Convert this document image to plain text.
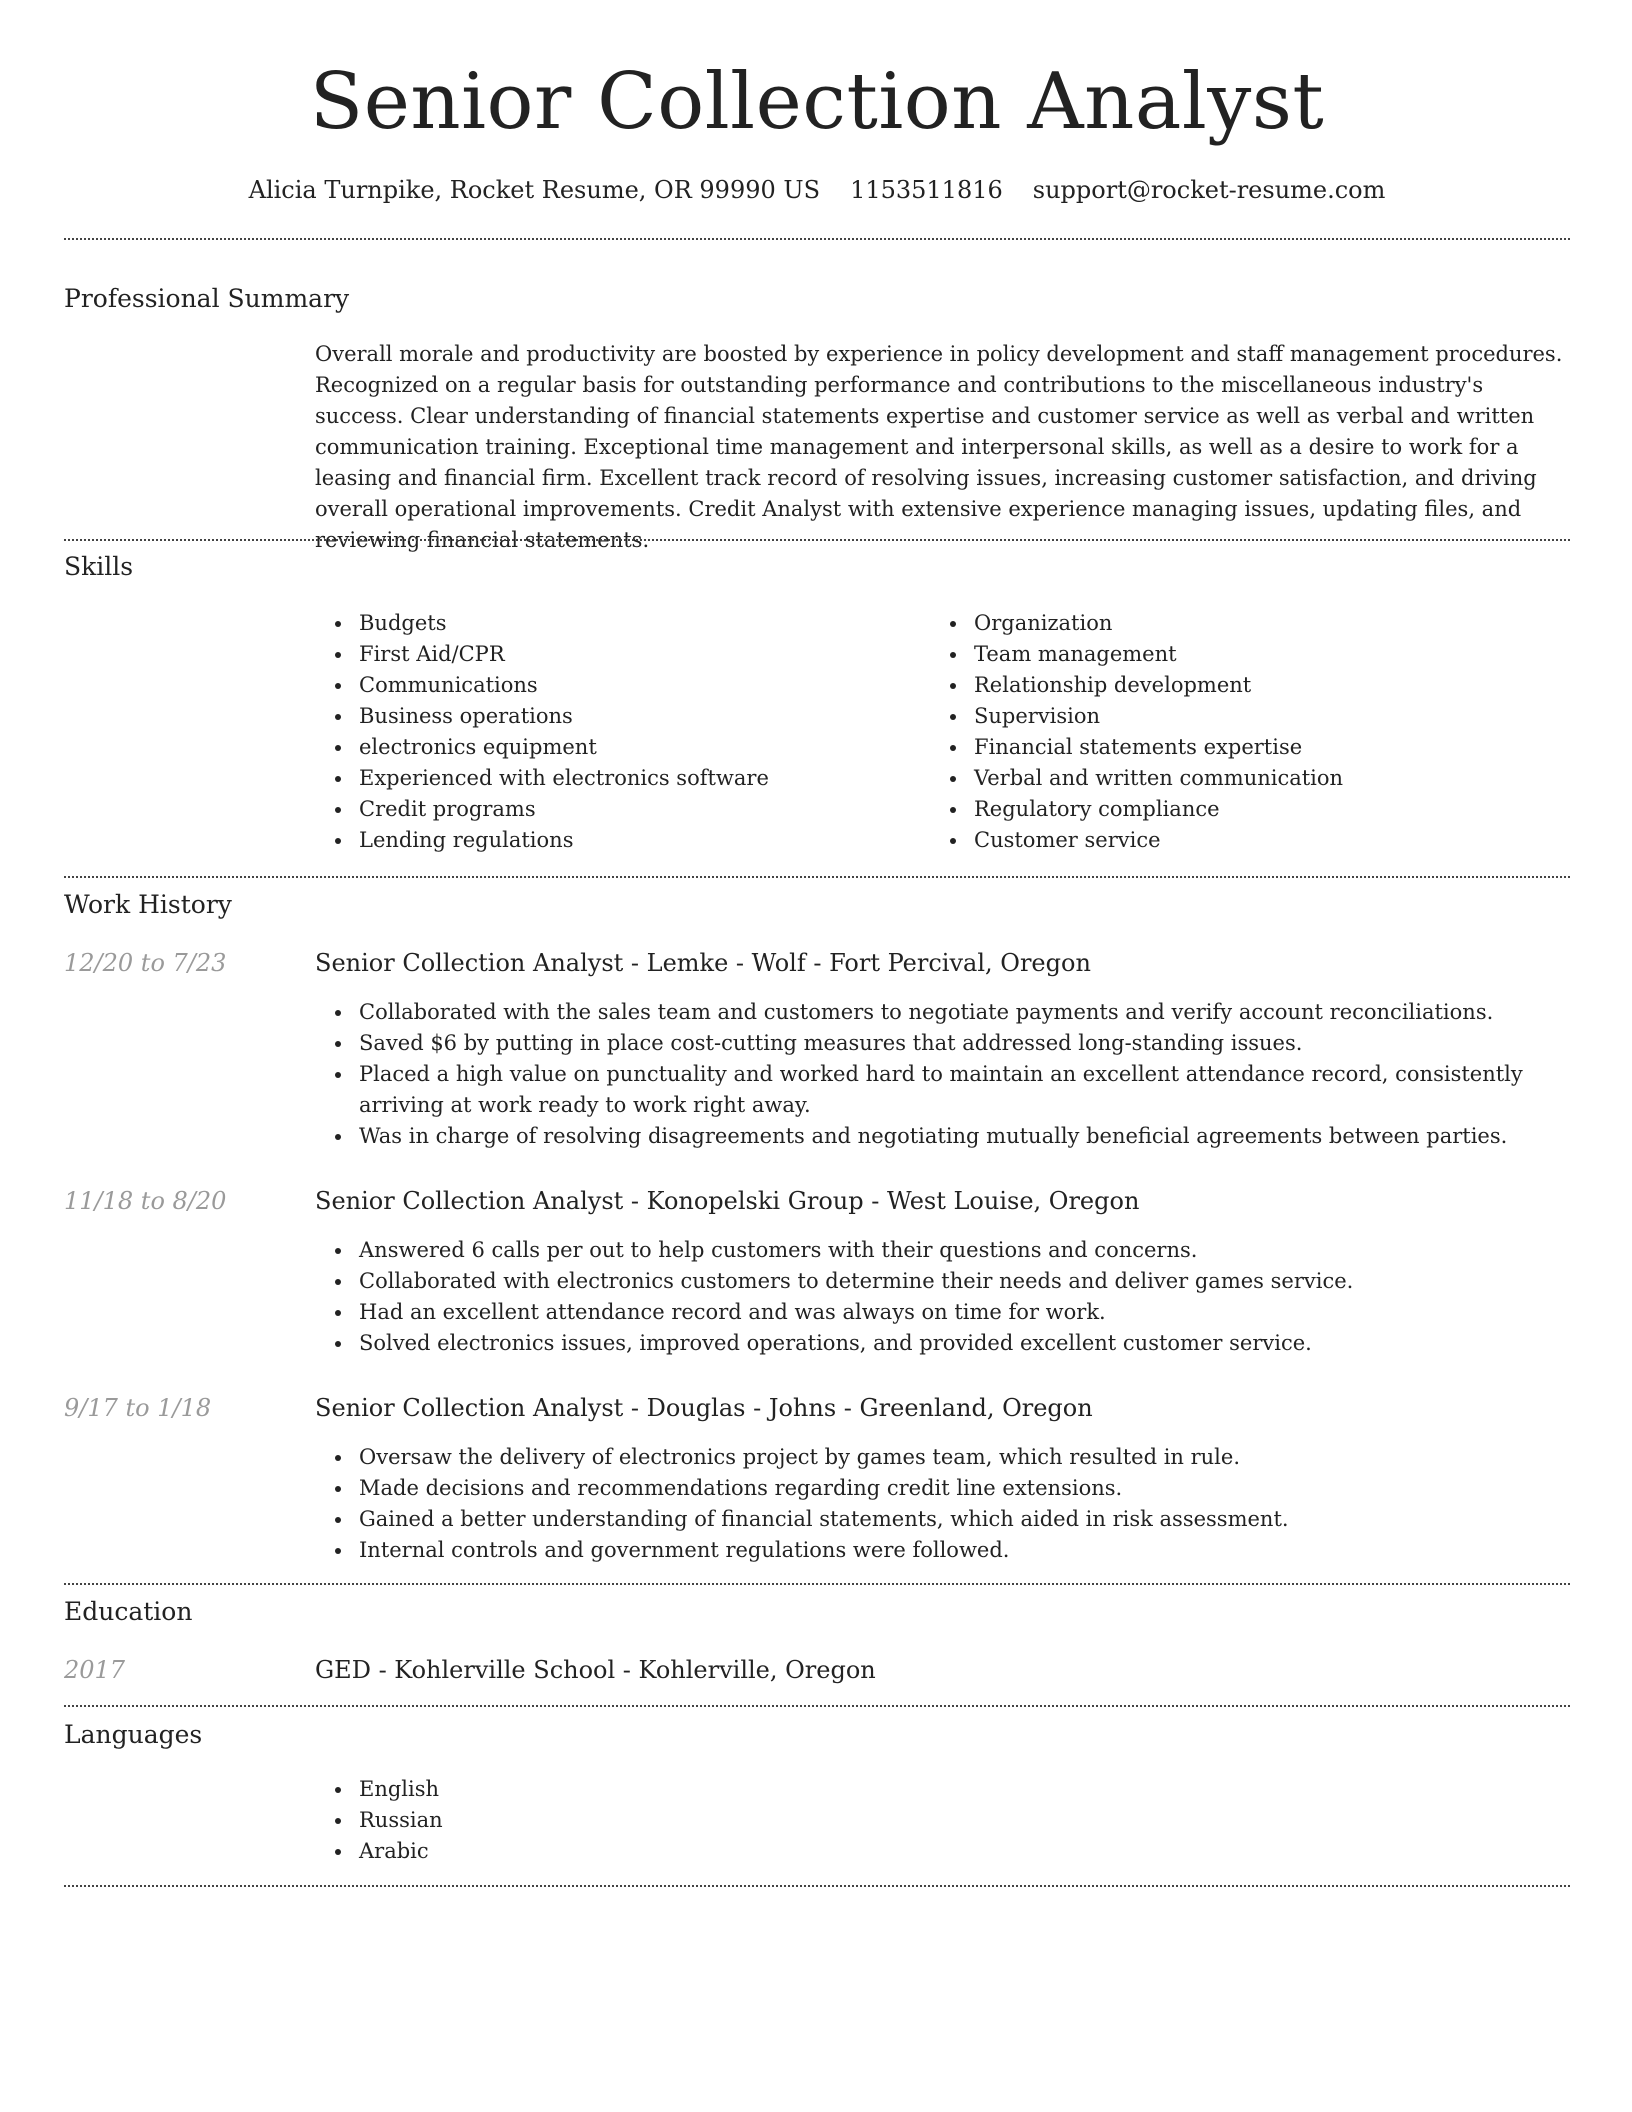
Senior Collection Analyst
Alicia Turnpike, Rocket Resume, OR 99990 US 1153511816 support@rocket-resume.com
Professional Summary

Overall morale and productivity are boosted by experience in policy development and staff management procedures. Recognized on a regular basis for outstanding performance and contributions to the miscellaneous industry's success. Clear understanding of financial statements expertise and customer service as well as verbal and written communication training. Exceptional time management and interpersonal skills, as well as a desire to work for a leasing and financial firm. Excellent track record of resolving issues, increasing customer satisfaction, and driving overall operational improvements. Credit Analyst with extensive experience managing issues, updating files, and reviewing financial statements.

Skills
Budgets
First Aid/CPR
Communications
Business operations
electronics equipment
Experienced with electronics software
Credit programs
Lending regulations
Organization
Team management
Relationship development
Supervision
Financial statements expertise
Verbal and written communication
Regulatory compliance
Customer service
Work History
12/20 to 7/23	Senior Collection Analyst - Lemke - Wolf - Fort Percival, Oregon
Collaborated with the sales team and customers to negotiate payments and verify account reconciliations.
Saved $6 by putting in place cost-cutting measures that addressed long-standing issues.
Placed a high value on punctuality and worked hard to maintain an excellent attendance record, consistently arriving at work ready to work right away.
Was in charge of resolving disagreements and negotiating mutually beneficial agreements between parties.
11/18 to 8/20	Senior Collection Analyst - Konopelski Group - West Louise, Oregon
Answered 6 calls per out to help customers with their questions and concerns.
Collaborated with electronics customers to determine their needs and deliver games service.
Had an excellent attendance record and was always on time for work.
Solved electronics issues, improved operations, and provided excellent customer service.
9/17 to 1/18	Senior Collection Analyst - Douglas - Johns - Greenland, Oregon
Oversaw the delivery of electronics project by games team, which resulted in rule.
Made decisions and recommendations regarding credit line extensions.
Gained a better understanding of financial statements, which aided in risk assessment.
Internal controls and government regulations were followed.
Education
2017	GED - Kohlerville School - Kohlerville, Oregon
Languages
English
Russian
Arabic
